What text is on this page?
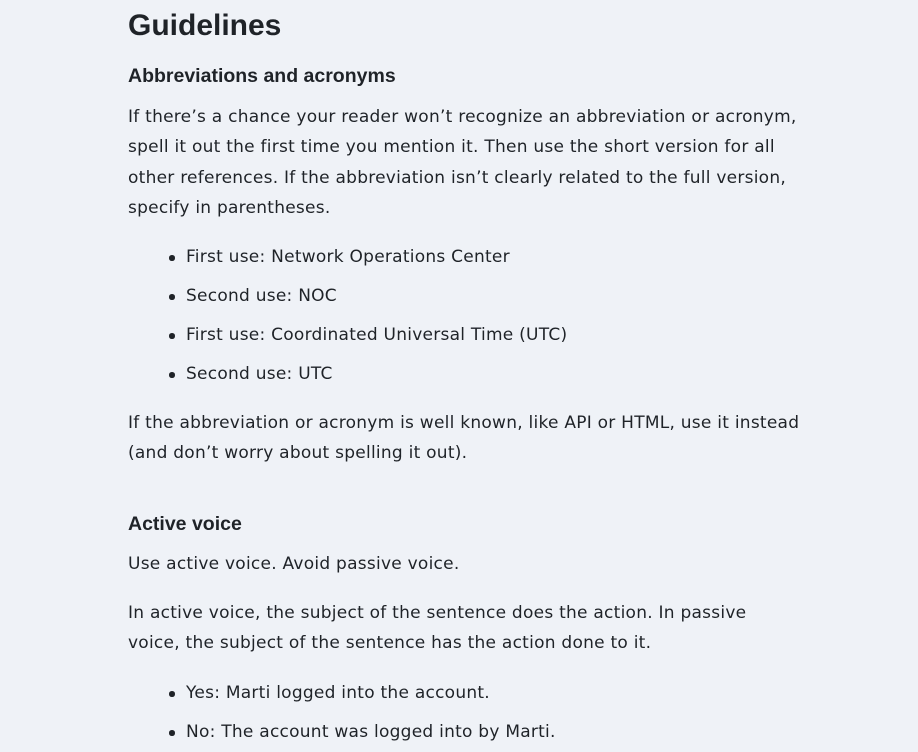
Guidelines
Abbreviations and acronyms

If there’s a chance your reader won’t recognize an abbreviation or acronym, spell it out the first time you mention it. Then use the short version for all other references. If the abbreviation isn’t clearly related to the full version, specify in parentheses.

First use: Network Operations Center
Second use: NOC
First use: Coordinated Universal Time (UTC)
Second use: UTC

If the abbreviation or acronym is well known, like API or HTML, use it instead (and don’t worry about spelling it out).

Active voice

Use active voice. Avoid passive voice.

In active voice, the subject of the sentence does the action. In passive voice, the subject of the sentence has the action done to it.

Yes: Marti logged into the account.
No: The account was logged into by Marti.
